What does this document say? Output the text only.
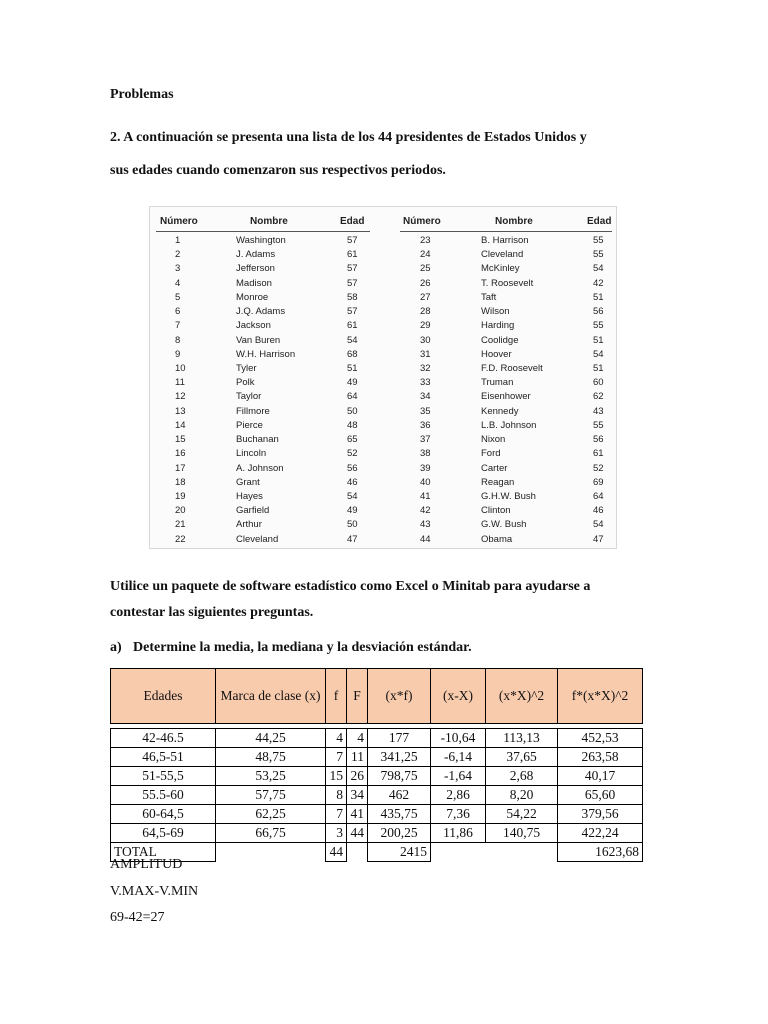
Problemas
2. A continuación se presenta una lista de los 44 presidentes de Estados Unidos y
sus edades cuando comenzaron sus respectivos periodos.
Número	Nombre	Edad	Número	Nombre	Edad
1	Washington	57
2	J. Adams	61
3	Jefferson	57
4	Madison	57
5	Monroe	58
6	J.Q. Adams	57
7	Jackson	61
8	Van Buren	54
9	W.H. Harrison	68
10	Tyler	51
11	Polk	49
12	Taylor	64
13	Fillmore	50
14	Pierce	48
15	Buchanan	65
16	Lincoln	52
17	A. Johnson	56
18	Grant	46
19	Hayes	54
20	Garfield	49
21	Arthur	50
22	Cleveland	47
23	B. Harrison	55
24	Cleveland	55
25	McKinley	54
26	T. Roosevelt	42
27	Taft	51
28	Wilson	56
29	Harding	55
30	Coolidge	51
31	Hoover	54
32	F.D. Roosevelt	51
33	Truman	60
34	Eisenhower	62
35	Kennedy	43
36	L.B. Johnson	55
37	Nixon	56
38	Ford	61
39	Carter	52
40	Reagan	69
41	G.H.W. Bush	64
42	Clinton	46
43	G.W. Bush	54
44	Obama	47
Utilice un paquete de software estadístico como Excel o Minitab para ayudarse a
contestar las siguientes preguntas.
a) Determine la media, la mediana y la desviación estándar.
Edades	Marca de clase (x)	f	F	(x*f)	(x-X)	(x*X)^2	f*(x*X)^2

42-46.5	44,25	4	4	177	-10,64	113,13	452,53
46,5-51	48,75	7	11	341,25	-6,14	37,65	263,58
51-55,5	53,25	15	26	798,75	-1,64	2,68	40,17
55.5-60	57,75	8	34	462	2,86	8,20	65,60
60-64,5	62,25	7	41	435,75	7,36	54,22	379,56
64,5-69	66,75	3	44	200,25	11,86	140,75	422,24
TOTAL		44		2415			1623,68
AMPLITUD
V.MAX-V.MIN
69-42=27
